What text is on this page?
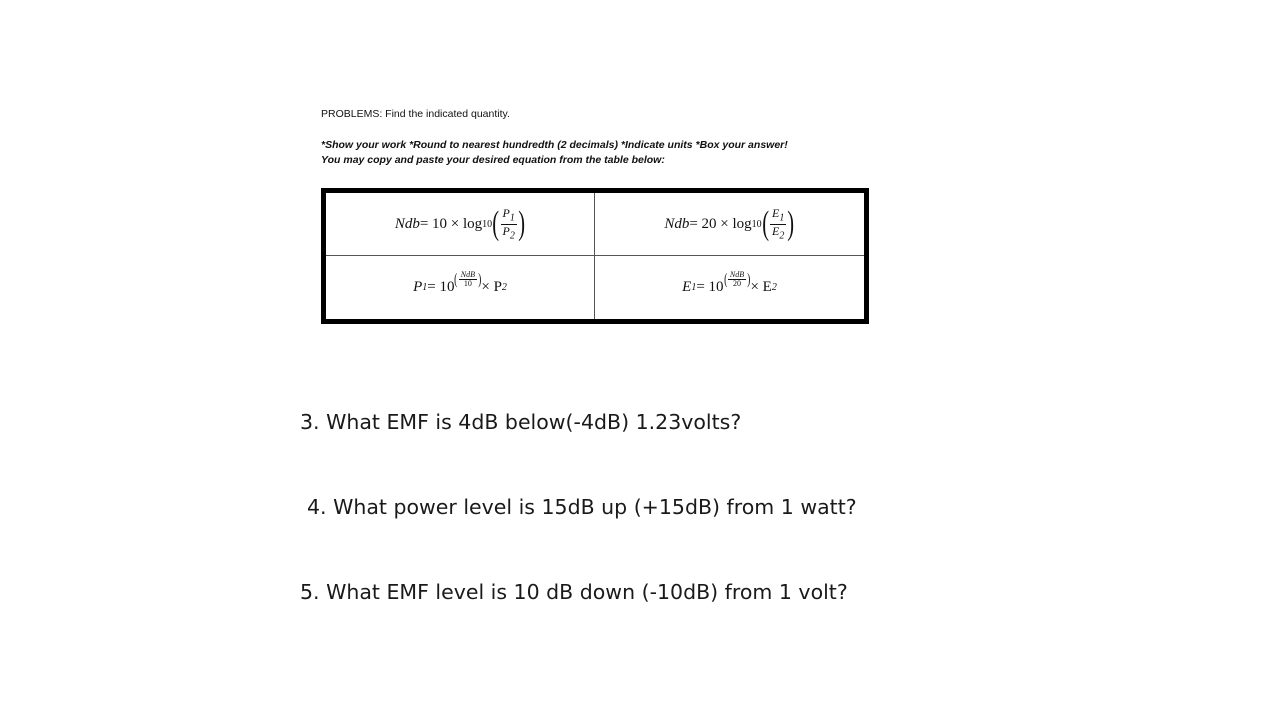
PROBLEMS: Find the indicated quantity.
*Show your work *Round to nearest hundredth (2 decimals) *Indicate units *Box your answer!
You may copy and paste your desired equation from the table below:
Ndb = 10 × log 10 ( $\frac{P_1}{P_2}$ )	Ndb = 20 × log 10 ( $\frac{E_1}{E_2}$ )
P 1 = 10 ( $\frac{\text{NdB}}{10}$ ) × P 2	E 1 = 10 ( $\frac{\text{NdB}}{20}$ ) × E 2
3. What EMF is 4dB below(-4dB) 1.23volts?
4. What power level is 15dB up (+15dB) from 1 watt?
5. What EMF level is 10 dB down (-10dB) from 1 volt?
